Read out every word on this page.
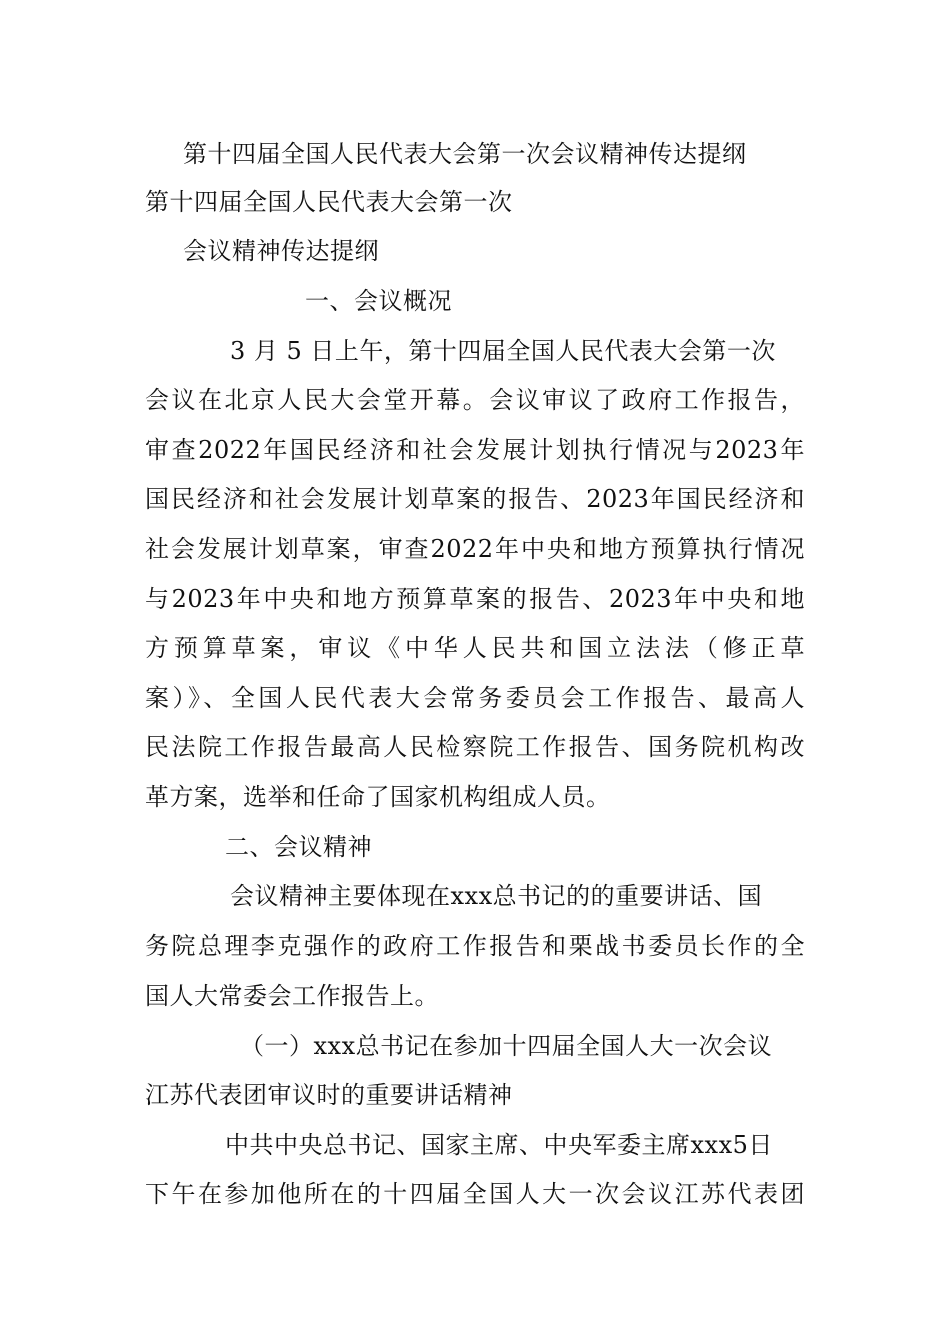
第十四届全国人民代表大会第一次会议精神传达提纲
第十四届全国人民代表大会第一次
会议精神传达提纲
一、会议概况
3 月 5 日上午，第十四届全国人民代表大会第一次
会议在北京人民大会堂开幕。会议审议了政府工作报告，
审查2022年国民经济和社会发展计划执行情况与2023年
国民经济和社会发展计划草案的报告、2023年国民经济和
社会发展计划草案，审查2022年中央和地方预算执行情况
与2023年中央和地方预算草案的报告、2023年中央和地
方预算草案，审议《中华人民共和国立法法（修正草
案）》、全国人民代表大会常务委员会工作报告、最高人
民法院工作报告最高人民检察院工作报告、国务院机构改
革方案，选举和任命了国家机构组成人员。
二、会议精神
会议精神主要体现在xxx总书记的的重要讲话、国
务院总理李克强作的政府工作报告和栗战书委员长作的全
国人大常委会工作报告上。
（一）xxx总书记在参加十四届全国人大一次会议
江苏代表团审议时的重要讲话精神
中共中央总书记、国家主席、中央军委主席xxx5日
下午在参加他所在的十四届全国人大一次会议江苏代表团
